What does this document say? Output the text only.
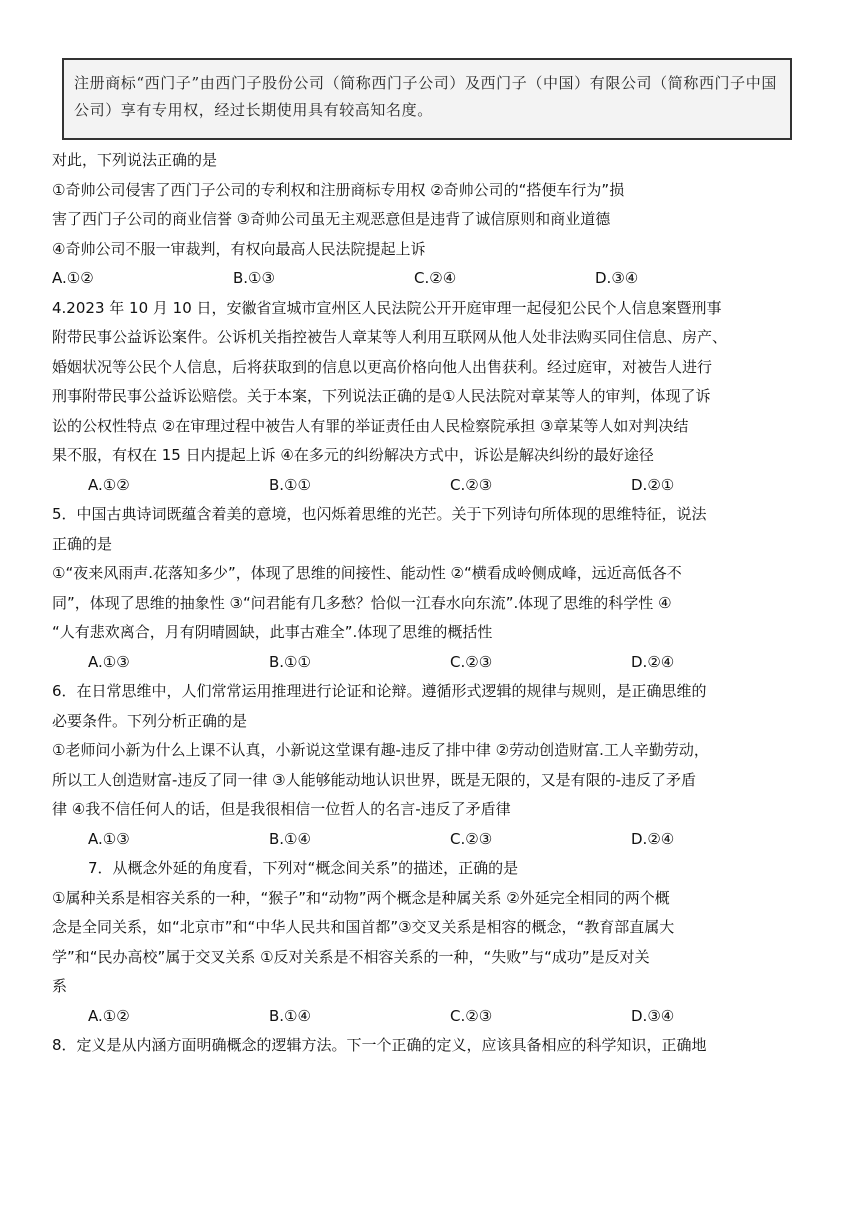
注册商标“西门子”由西门子股份公司（简称西门子公司）及西门子（中国）有限公司（简称西门子中国公司）享有专用权，经过长期使用具有较高知名度。

对此，下列说法正确的是

①奇帅公司侵害了西门子公司的专利权和注册商标专用权 ②奇帅公司的“搭便车行为”损

害了西门子公司的商业信誉 ③奇帅公司虽无主观恶意但是违背了诚信原则和商业道德

④奇帅公司不服一审裁判，有权向最高人民法院提起上诉

A.①②	B.①③	C.②④	D.③④

4.2023 年 10 月 10 日，安徽省宣城市宣州区人民法院公开开庭审理一起侵犯公民个人信息案暨刑事

附带民事公益诉讼案件。公诉机关指控被告人章某等人利用互联网从他人处非法购买同住信息、房产、

婚姻状况等公民个人信息，后将获取到的信息以更高价格向他人出售获利。经过庭审，对被告人进行

刑事附带民事公益诉讼赔偿。关于本案，下列说法正确的是①人民法院对章某等人的审判，体现了诉

讼的公权性特点 ②在审理过程中被告人有罪的举证责任由人民检察院承担 ③章某等人如对判决结

果不服，有权在 15 日内提起上诉 ④在多元的纠纷解决方式中，诉讼是解决纠纷的最好途径

A.①②	B.①①	C.②③	D.②①

5．中国古典诗词既蕴含着美的意境，也闪烁着思维的光芒。关于下列诗句所体现的思维特征，说法

正确的是

①“夜来风雨声.花落知多少”，体现了思维的间接性、能动性 ②“横看成岭侧成峰，远近高低各不

同”，体现了思维的抽象性 ③“问君能有几多愁？恰似一江春水向东流”.体现了思维的科学性 ④

“人有悲欢离合，月有阴晴圆缺，此事古难全”.体现了思维的概括性

A.①③	B.①①	C.②③	D.②④

6．在日常思维中，人们常常运用推理进行论证和论辩。遵循形式逻辑的规律与规则，是正确思维的

必要条件。下列分析正确的是

①老师问小新为什么上课不认真，小新说这堂课有趣-违反了排中律 ②劳动创造财富.工人辛勤劳动，

所以工人创造财富-违反了同一律 ③人能够能动地认识世界，既是无限的，又是有限的-违反了矛盾

律 ④我不信任何人的话，但是我很相信一位哲人的名言-违反了矛盾律

A.①③	B.①④	C.②③	D.②④

7．从概念外延的角度看，下列对“概念间关系”的描述，正确的是

①属种关系是相容关系的一种，“猴子”和“动物”两个概念是种属关系 ②外延完全相同的两个概

念是全同关系，如“北京市”和“中华人民共和国首都”③交叉关系是相容的概念，“教育部直属大

学”和“民办高校”属于交叉关系 ①反对关系是不相容关系的一种，“失败”与“成功”是反对关

系

A.①②	B.①④	C.②③	D.③④

8．定义是从内涵方面明确概念的逻辑方法。下一个正确的定义，应该具备相应的科学知识，正确地
